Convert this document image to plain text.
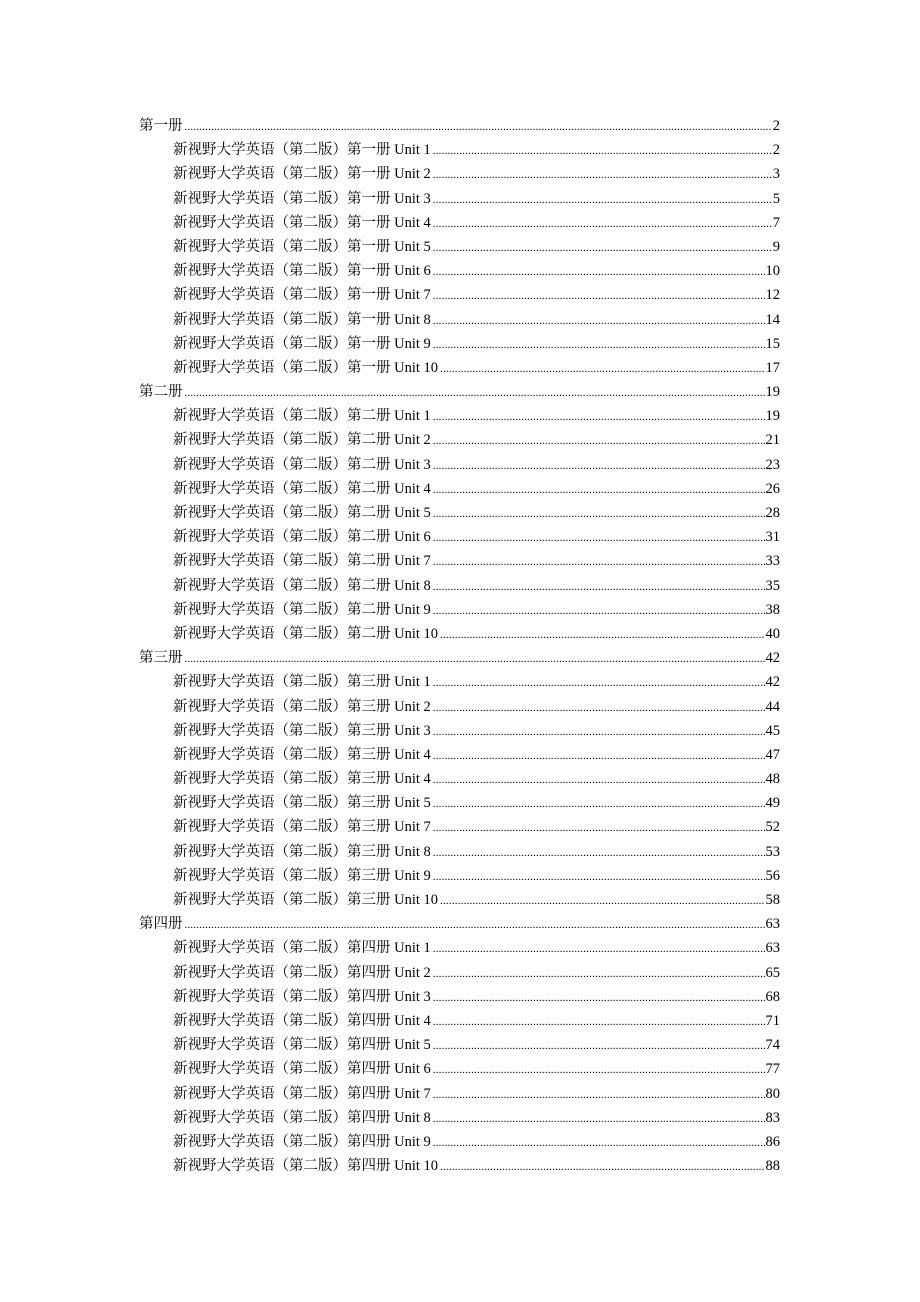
第一册 .....	2
新视野大学英语（第二版）第一册 Unit 1 .....	2
新视野大学英语（第二版）第一册 Unit 2 .....	3
新视野大学英语（第二版）第一册 Unit 3 .....	5
新视野大学英语（第二版）第一册 Unit 4 .....	7
新视野大学英语（第二版）第一册 Unit 5 .....	9
新视野大学英语（第二版）第一册 Unit 6 .....	10
新视野大学英语（第二版）第一册 Unit 7 .....	12
新视野大学英语（第二版）第一册 Unit 8 .....	14
新视野大学英语（第二版）第一册 Unit 9 .....	15
新视野大学英语（第二版）第一册 Unit 10 .....	17
第二册 .....	19
新视野大学英语（第二版）第二册 Unit 1 .....	19
新视野大学英语（第二版）第二册 Unit 2 .....	21
新视野大学英语（第二版）第二册 Unit 3 .....	23
新视野大学英语（第二版）第二册 Unit 4 .....	26
新视野大学英语（第二版）第二册 Unit 5 .....	28
新视野大学英语（第二版）第二册 Unit 6 .....	31
新视野大学英语（第二版）第二册 Unit 7 .....	33
新视野大学英语（第二版）第二册 Unit 8 .....	35
新视野大学英语（第二版）第二册 Unit 9 .....	38
新视野大学英语（第二版）第二册 Unit 10 .....	40
第三册 .....	42
新视野大学英语（第二版）第三册 Unit 1 .....	42
新视野大学英语（第二版）第三册 Unit 2 .....	44
新视野大学英语（第二版）第三册 Unit 3 .....	45
新视野大学英语（第二版）第三册 Unit 4 .....	47
新视野大学英语（第二版）第三册 Unit 4 .....	48
新视野大学英语（第二版）第三册 Unit 5 .....	49
新视野大学英语（第二版）第三册 Unit 7 .....	52
新视野大学英语（第二版）第三册 Unit 8 .....	53
新视野大学英语（第二版）第三册 Unit 9 .....	56
新视野大学英语（第二版）第三册 Unit 10 .....	58
第四册 .....	63
新视野大学英语（第二版）第四册 Unit 1 .....	63
新视野大学英语（第二版）第四册 Unit 2 .....	65
新视野大学英语（第二版）第四册 Unit 3 .....	68
新视野大学英语（第二版）第四册 Unit 4 .....	71
新视野大学英语（第二版）第四册 Unit 5 .....	74
新视野大学英语（第二版）第四册 Unit 6 .....	77
新视野大学英语（第二版）第四册 Unit 7 .....	80
新视野大学英语（第二版）第四册 Unit 8 .....	83
新视野大学英语（第二版）第四册 Unit 9 .....	86
新视野大学英语（第二版）第四册 Unit 10 .....	88
